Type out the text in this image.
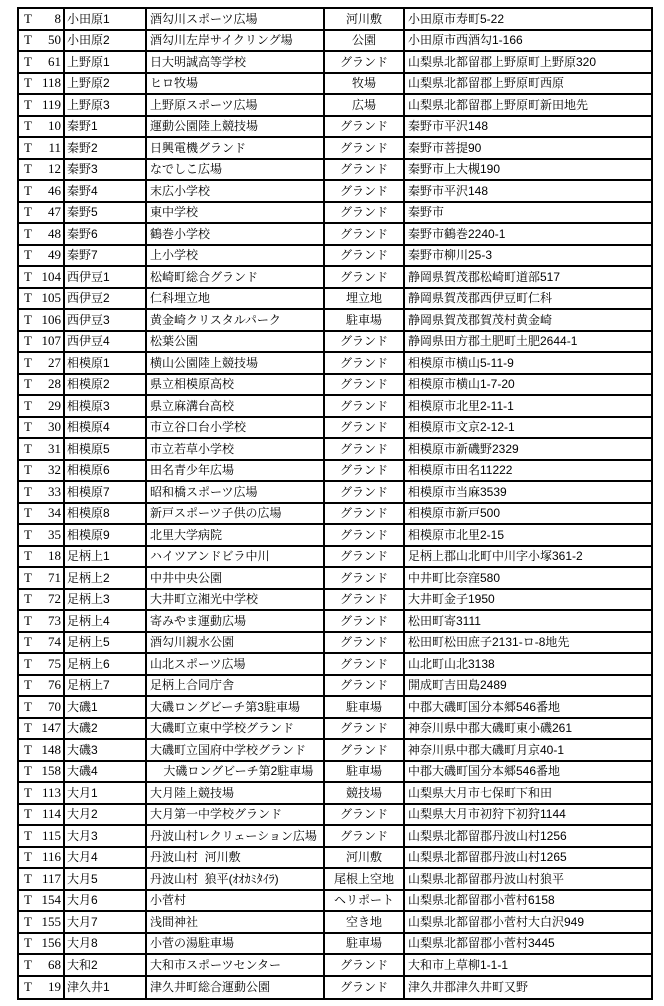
T 8 小田原1	酒勾川スポーツ広場	河川敷	小田原市寿町5-22
T 50 小田原2	酒勾川左岸サイクリング場	公園	小田原市西酒勾1-166
T 61 上野原1	日大明誠高等学校	グランド	山梨県北都留郡上野原町上野原320
T 118 上野原2	ヒロ牧場	牧場	山梨県北都留郡上野原町西原
T 119 上野原3	上野原スポーツ広場	広場	山梨県北都留郡上野原町新田地先
T 10 秦野1	運動公園陸上競技場	グランド	秦野市平沢148
T 11 秦野2	日興電機グランド	グランド	秦野市菩提90
T 12 秦野3	なでしこ広場	グランド	秦野市上大槻190
T 46 秦野4	末広小学校	グランド	秦野市平沢148
T 47 秦野5	東中学校	グランド	秦野市
T 48 秦野6	鶴巻小学校	グランド	秦野市鶴巻2240-1
T 49 秦野7	上小学校	グランド	秦野市柳川25-3
T 104 西伊豆1	松崎町総合グランド	グランド	静岡県賀茂郡松崎町道部517
T 105 西伊豆2	仁科埋立地	埋立地	静岡県賀茂郡西伊豆町仁科
T 106 西伊豆3	黄金崎クリスタルパーク	駐車場	静岡県賀茂郡賀茂村黄金崎
T 107 西伊豆4	松葉公園	グランド	静岡県田方郡土肥町土肥2644-1
T 27 相模原1	横山公園陸上競技場	グランド	相模原市横山5-11-9
T 28 相模原2	県立相模原高校	グランド	相模原市横山1-7-20
T 29 相模原3	県立麻溝台高校	グランド	相模原市北里2-11-1
T 30 相模原4	市立谷口台小学校	グランド	相模原市文京2-12-1
T 31 相模原5	市立若草小学校	グランド	相模原市新磯野2329
T 32 相模原6	田名青少年広場	グランド	相模原市田名11222
T 33 相模原7	昭和橋スポーツ広場	グランド	相模原市当麻3539
T 34 相模原8	新戸スポーツ子供の広場	グランド	相模原市新戸500
T 35 相模原9	北里大学病院	グランド	相模原市北里2-15
T 18 足柄上1	ハイツアンドビラ中川	グランド	足柄上郡山北町中川字小塚361-2
T 71 足柄上2	中井中央公園	グランド	中井町比奈窪580
T 72 足柄上3	大井町立湘光中学校	グランド	大井町金子1950
T 73 足柄上4	寄みやま運動広場	グランド	松田町寄3111
T 74 足柄上5	酒勾川親水公園	グランド	松田町松田庶子2131-ロ-8地先
T 75 足柄上6	山北スポーツ広場	グランド	山北町山北3138
T 76 足柄上7	足柄上合同庁舎	グランド	開成町吉田島2489
T 70 大磯1	大磯ロングビーチ第3駐車場	駐車場	中郡大磯町国分本郷546番地
T 147 大磯2	大磯町立東中学校グランド	グランド	神奈川県中郡大磯町東小磯261
T 148 大磯3	大磯町立国府中学校グランド	グランド	神奈川県中郡大磯町月京40-1
T 158 大磯4	大磯ロングビーチ第2駐車場	駐車場	中郡大磯町国分本郷546番地
T 113 大月1	大月陸上競技場	競技場	山梨県大月市七保町下和田
T 114 大月2	大月第一中学校グランド	グランド	山梨県大月市初狩下初狩1144
T 115 大月3	丹波山村レクリェーション広場	グランド	山梨県北都留郡丹波山村1256
T 116 大月4	丹波山村  河川敷	河川敷	山梨県北都留郡丹波山村1265
T 117 大月5	丹波山村  狼平(ｵｵｶﾐﾀｲﾗ)	尾根上空地	山梨県北都留郡丹波山村狼平
T 154 大月6	小菅村	ヘリポート	山梨県北都留郡小菅村6158
T 155 大月7	浅間神社	空き地	山梨県北都留郡小菅村大白沢949
T 156 大月8	小菅の湯駐車場	駐車場	山梨県北都留郡小菅村3445
T 68 大和2	大和市スポーツセンター	グランド	大和市上草柳1-1-1
T 19 津久井1	津久井町総合運動公園	グランド	津久井郡津久井町又野
